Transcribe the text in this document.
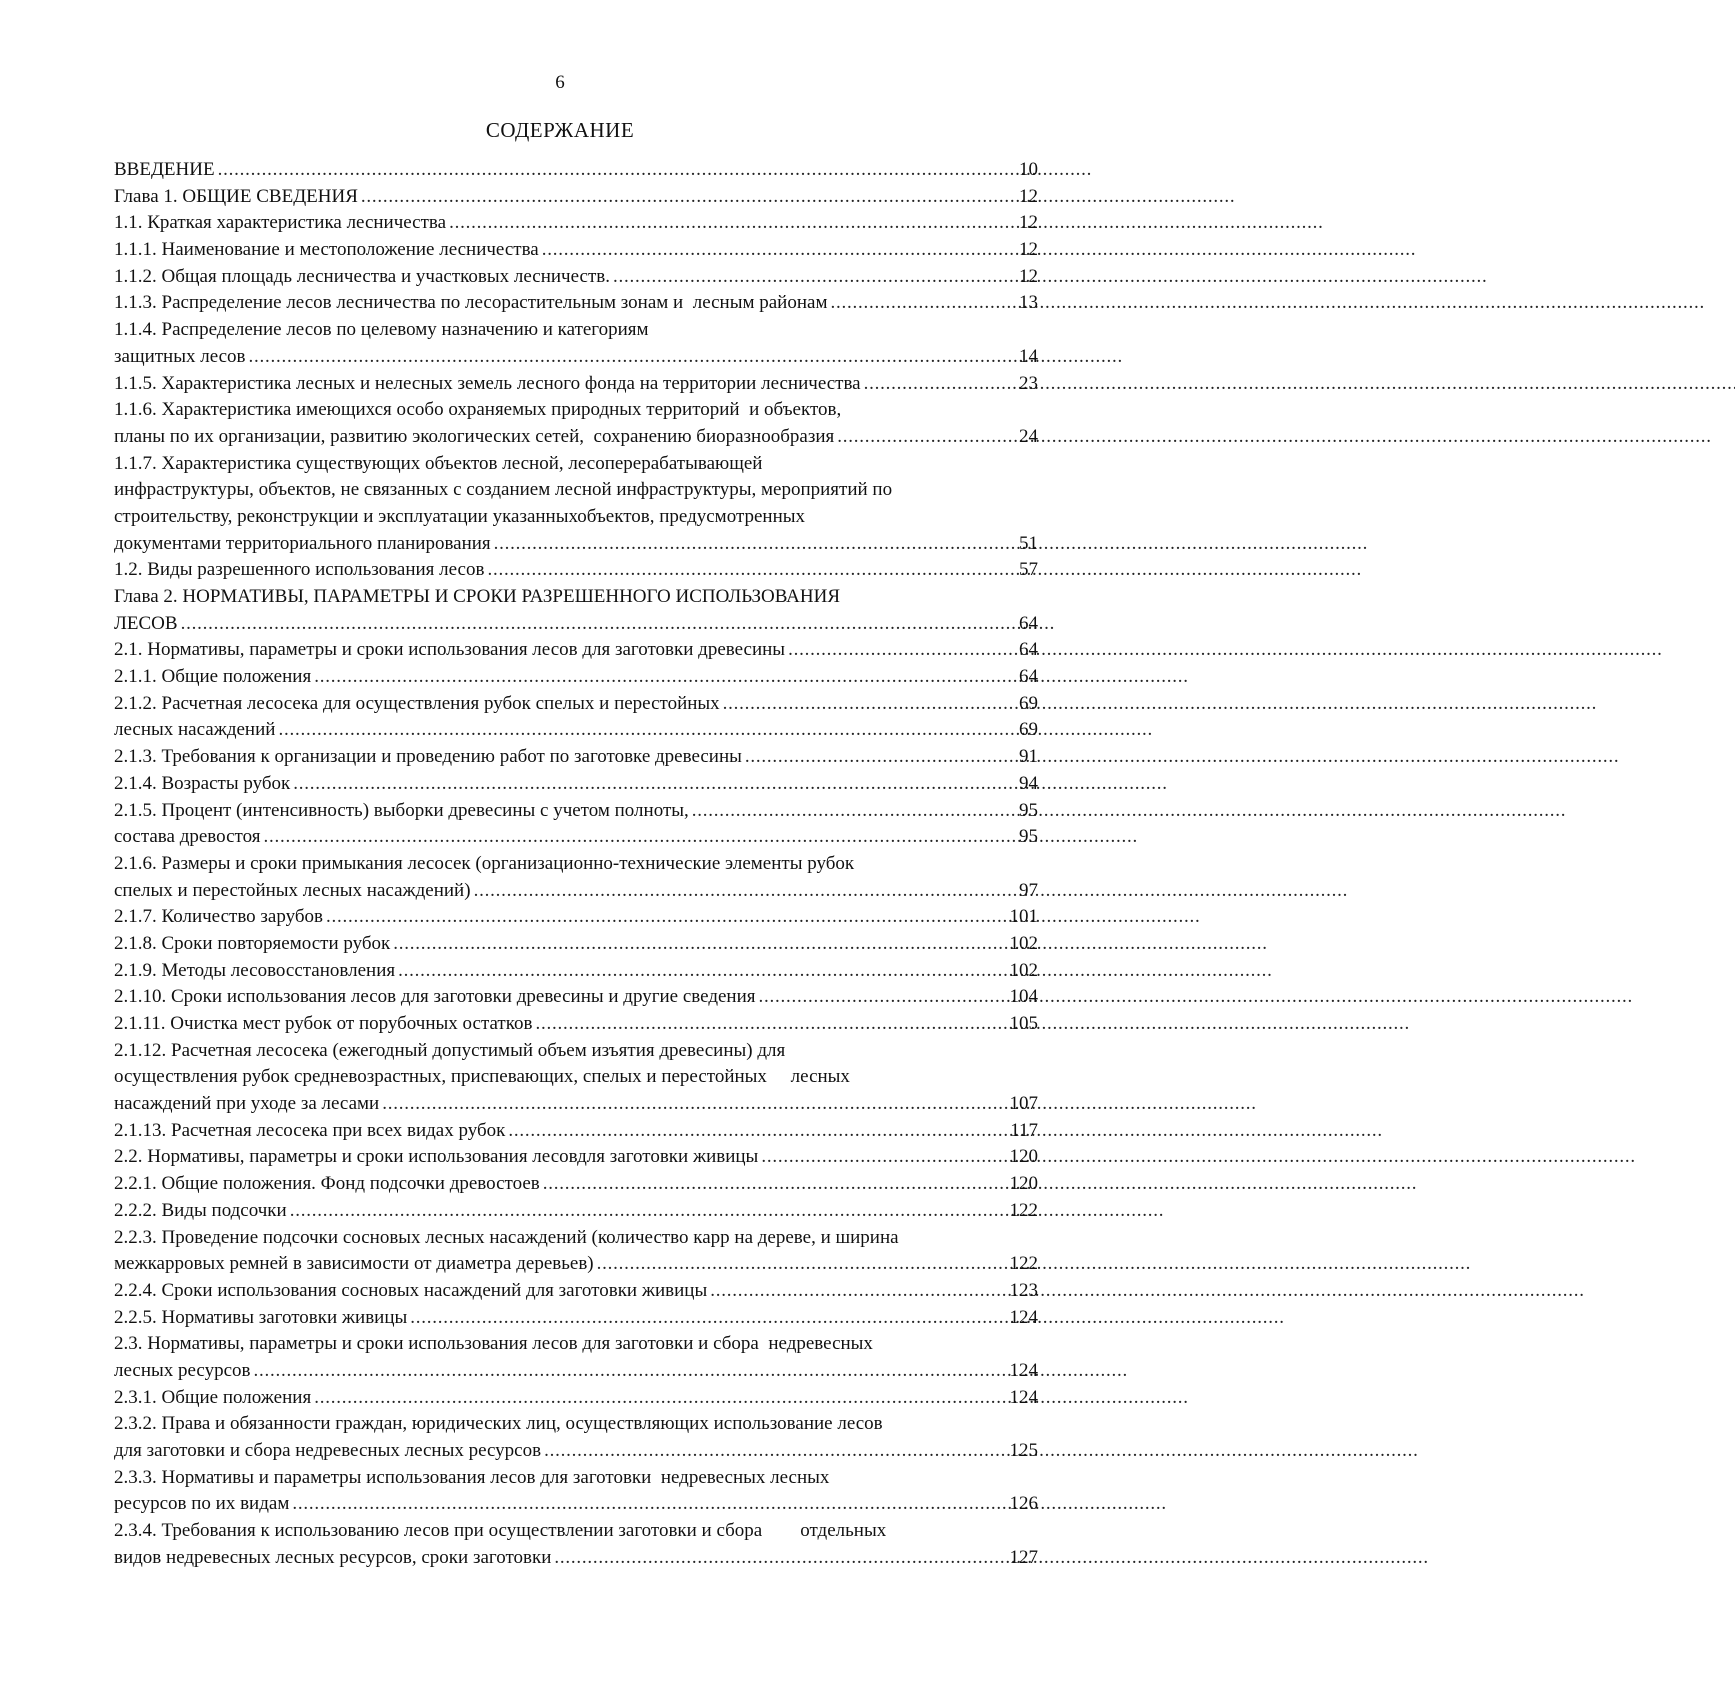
6
СОДЕРЖАНИЕ
ВВЕДЕНИЕ . . .	10
Глава 1. ОБЩИЕ СВЕДЕНИЯ . . .	12
1.1. Краткая характеристика лесничества . . .	12
1.1.1. Наименование и местоположение лесничества . . .	12
1.1.2. Общая площадь лесничества и участковых лесничеств. . . .	12
1.1.3. Распределение лесов лесничества по лесорастительным зонам и  лесным районам . . .	13
1.1.4. Распределение лесов по целевому назначению и категориям
защитных лесов . . .	14
1.1.5. Характеристика лесных и нелесных земель лесного фонда на территории лесничества . . .	23
1.1.6. Характеристика имеющихся особо охраняемых природных территорий  и объектов,
планы по их организации, развитию экологических сетей,  сохранению биоразнообразия . . .	24
1.1.7. Характеристика существующих объектов лесной, лесоперерабатывающей
инфраструктуры, объектов, не связанных с созданием лесной инфраструктуры, мероприятий по
строительству, реконструкции и эксплуатации указанныхобъектов, предусмотренных
документами территориального планирования . . .	51
1.2. Виды разрешенного использования лесов . . .	57
Глава 2. НОРМАТИВЫ, ПАРАМЕТРЫ И СРОКИ РАЗРЕШЕННОГО ИСПОЛЬЗОВАНИЯ
ЛЕСОВ . . .	64
2.1. Нормативы, параметры и сроки использования лесов для заготовки древесины . . .	64
2.1.1. Общие положения . . .	64
2.1.2. Расчетная лесосека для осуществления рубок спелых и перестойных . . .	69
лесных насаждений . . .	69
2.1.3. Требования к организации и проведению работ по заготовке древесины . . .	91
2.1.4. Возрасты рубок . . .	94
2.1.5. Процент (интенсивность) выборки древесины с учетом полноты, . . .	95
состава древостоя . . .	95
2.1.6. Размеры и сроки примыкания лесосек (организационно-технические элементы рубок
спелых и перестойных лесных насаждений) . . .	97
2.1.7. Количество зарубов . . .	101
2.1.8. Сроки повторяемости рубок . . .	102
2.1.9. Методы лесовосстановления . . .	102
2.1.10. Сроки использования лесов для заготовки древесины и другие сведения . . .	104
2.1.11. Очистка мест рубок от порубочных остатков . . .	105
2.1.12. Расчетная лесосека (ежегодный допустимый объем изъятия древесины) для
осуществления рубок средневозрастных, приспевающих, спелых и перестойных     лесных
насаждений при уходе за лесами . . .	107
2.1.13. Расчетная лесосека при всех видах рубок . . .	117
2.2. Нормативы, параметры и сроки использования лесовдля заготовки живицы . . .	120
2.2.1. Общие положения. Фонд подсочки древостоев . . .	120
2.2.2. Виды подсочки . . .	122
2.2.3. Проведение подсочки сосновых лесных насаждений (количество карр на дереве, и ширина
межкарровых ремней в зависимости от диаметра деревьев) . . .	122
2.2.4. Сроки использования сосновых насаждений для заготовки живицы . . .	123
2.2.5. Нормативы заготовки живицы . . .	124
2.3. Нормативы, параметры и сроки использования лесов для заготовки и сбора  недревесных
лесных ресурсов . . .	124
2.3.1. Общие положения . . .	124
2.3.2. Права и обязанности граждан, юридических лиц, осуществляющих использование лесов
для заготовки и сбора недревесных лесных ресурсов . . .	125
2.3.3. Нормативы и параметры использования лесов для заготовки  недревесных лесных
ресурсов по их видам . . .	126
2.3.4. Требования к использованию лесов при осуществлении заготовки и сбора        отдельных
видов недревесных лесных ресурсов, сроки заготовки . . .	127
